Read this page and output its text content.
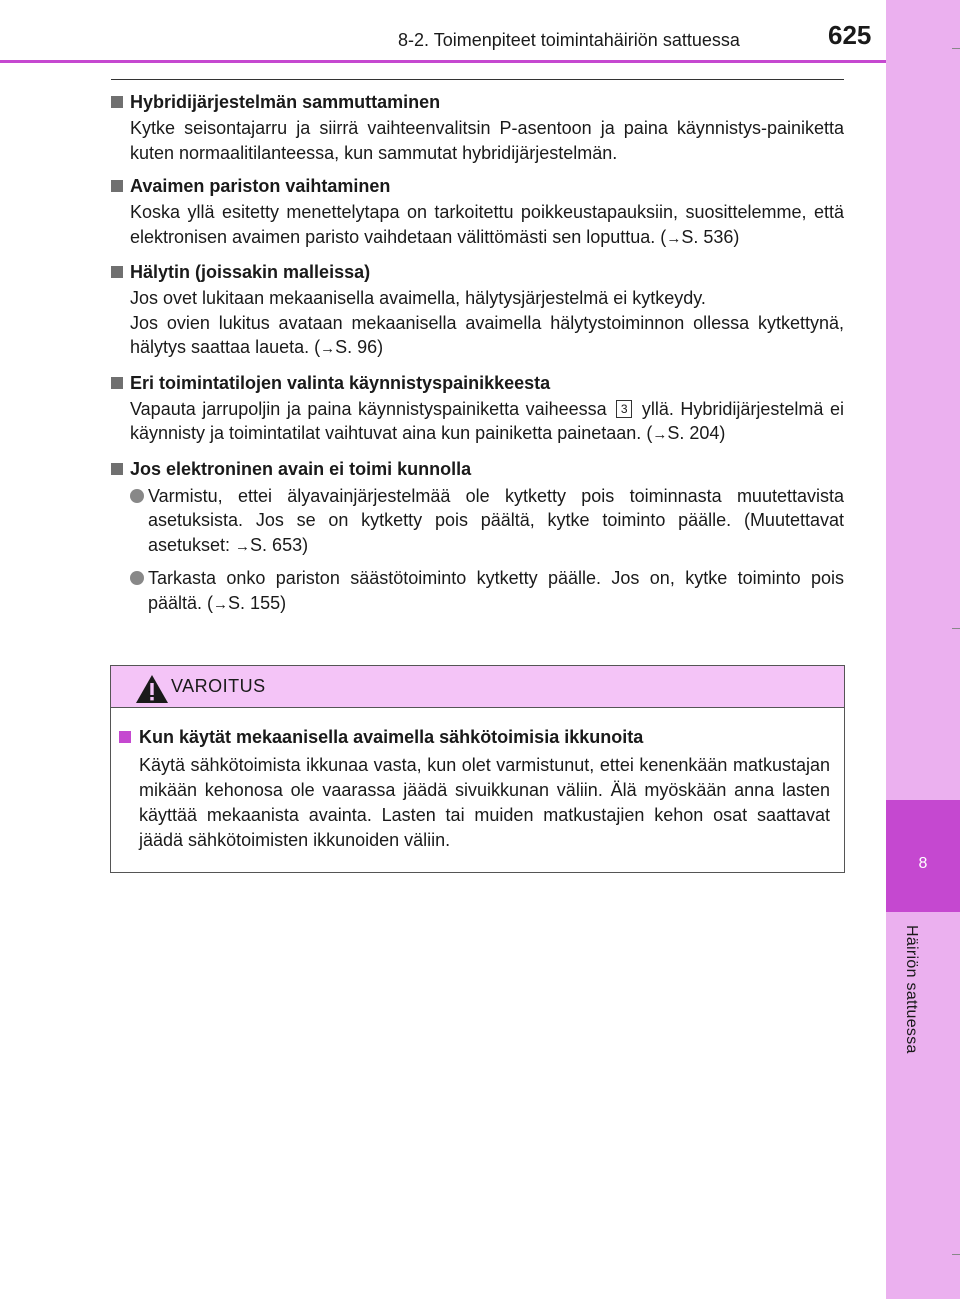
8
Häiriön sattuessa
8-2. Toimenpiteet toimintahäiriön sattuessa	625
Hybridijärjestelmän sammuttaminen
Kytke seisontajarru ja siirrä vaihteenvalitsin P-asentoon ja paina käynnistys-painiketta kuten normaalitilanteessa, kun sammutat hybridijärjestelmän.
Avaimen pariston vaihtaminen
Koska yllä esitetty menettelytapa on tarkoitettu poikkeustapauksiin, suosittelemme, että elektronisen avaimen paristo vaihdetaan välittömästi sen loputtua. (→S. 536)
Hälytin (joissakin malleissa)
Jos ovet lukitaan mekaanisella avaimella, hälytysjärjestelmä ei kytkeydy.
Jos ovien lukitus avataan mekaanisella avaimella hälytystoiminnon ollessa kytkettynä, hälytys saattaa laueta. (→S. 96)
Eri toimintatilojen valinta käynnistyspainikkeesta
Vapauta jarrupoljin ja paina käynnistyspainiketta vaiheessa 3 yllä. Hybridijärjestelmä ei käynnisty ja toimintatilat vaihtuvat aina kun painiketta painetaan. (→S. 204)
Jos elektroninen avain ei toimi kunnolla
Varmistu, ettei älyavainjärjestelmää ole kytketty pois toiminnasta muutettavista asetuksista. Jos se on kytketty pois päältä, kytke toiminto päälle. (Muutettavat asetukset: →S. 653)
Tarkasta onko pariston säästötoiminto kytketty päälle. Jos on, kytke toiminto pois päältä. (→S. 155)
VAROITUS
Kun käytät mekaanisella avaimella sähkötoimisia ikkunoita
Käytä sähkötoimista ikkunaa vasta, kun olet varmistunut, ettei kenenkään matkustajan mikään kehonosa ole vaarassa jäädä sivuikkunan väliin. Älä myöskään anna lasten käyttää mekaanista avainta. Lasten tai muiden matkustajien kehon osat saattavat jäädä sähkötoimisten ikkunoiden väliin.
